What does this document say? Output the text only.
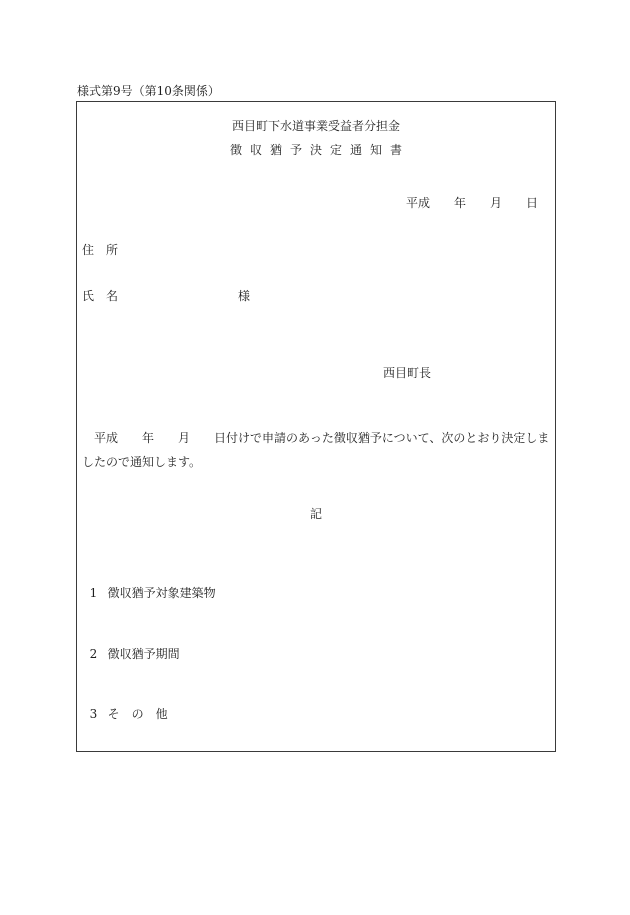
様式第9号（第10条関係）
西目町下水道事業受益者分担金
徴収猶予決定通知書
平成　　年　　月　　日
住　所
氏　名	様
西目町長
平成　　年　　月　　日付けで申請のあった徴収猶予について、次のとおり決定しま
したので通知します。
記

1 徴収猶予対象建築物

2 徴収猶予期間

3 そ　の　他
